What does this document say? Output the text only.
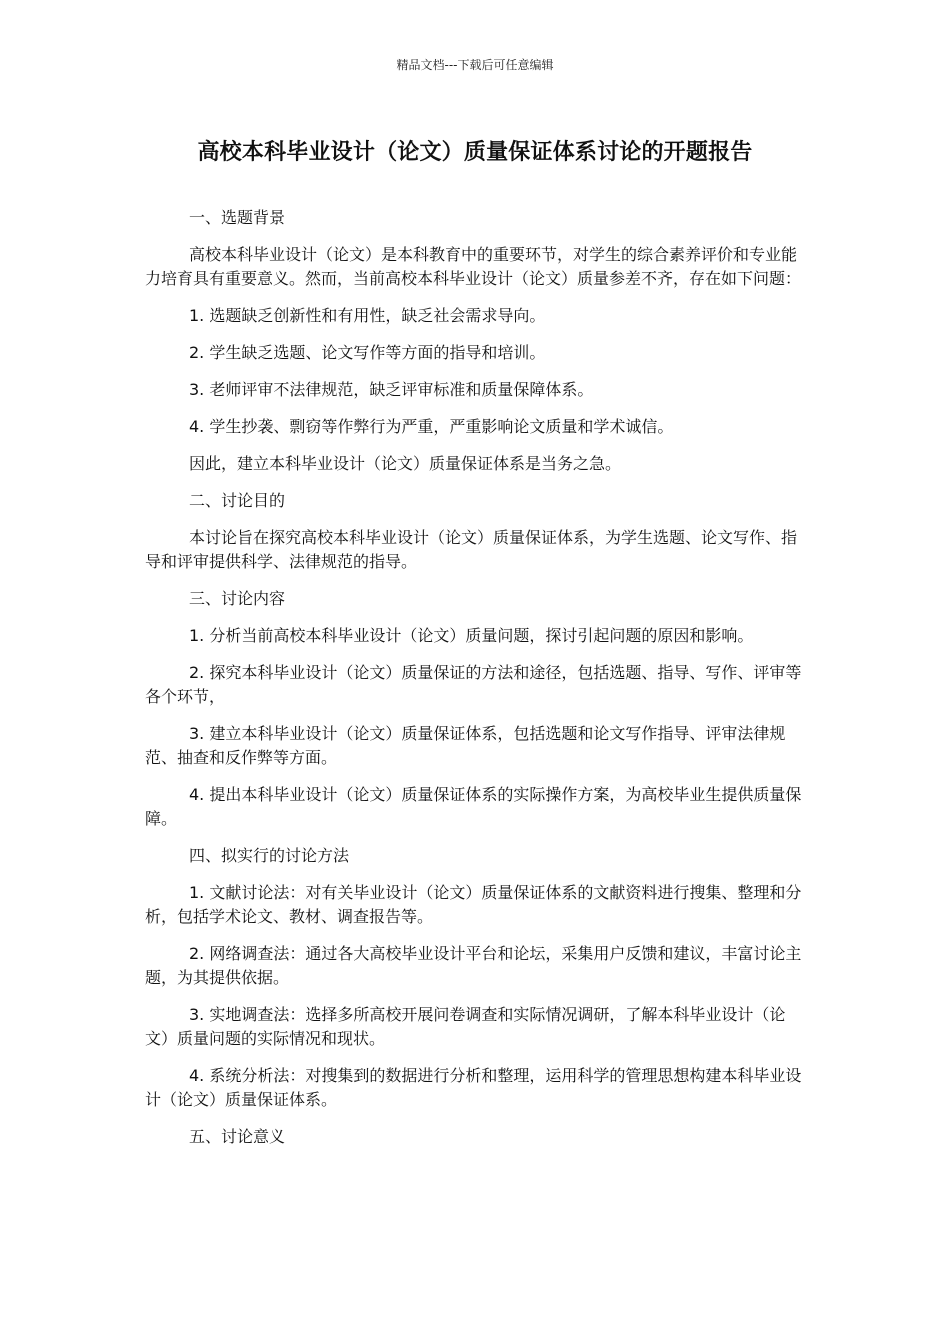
精品文档---下载后可任意编辑
高校本科毕业设计（论文）质量保证体系讨论的开题报告

一、选题背景

高校本科毕业设计（论文）是本科教育中的重要环节，对学生的综合素养评价和专业能力培育具有重要意义。然而，当前高校本科毕业设计（论文）质量参差不齐，存在如下问题：

1. 选题缺乏创新性和有用性，缺乏社会需求导向。

2. 学生缺乏选题、论文写作等方面的指导和培训。

3. 老师评审不法律规范，缺乏评审标准和质量保障体系。

4. 学生抄袭、剽窃等作弊行为严重，严重影响论文质量和学术诚信。

因此，建立本科毕业设计（论文）质量保证体系是当务之急。

二、讨论目的

本讨论旨在探究高校本科毕业设计（论文）质量保证体系，为学生选题、论文写作、指导和评审提供科学、法律规范的指导。

三、讨论内容

1. 分析当前高校本科毕业设计（论文）质量问题，探讨引起问题的原因和影响。

2. 探究本科毕业设计（论文）质量保证的方法和途径，包括选题、指导、写作、评审等各个环节，

3. 建立本科毕业设计（论文）质量保证体系，包括选题和论文写作指导、评审法律规范、抽查和反作弊等方面。

4. 提出本科毕业设计（论文）质量保证体系的实际操作方案，为高校毕业生提供质量保障。

四、拟实行的讨论方法

1. 文献讨论法：对有关毕业设计（论文）质量保证体系的文献资料进行搜集、整理和分析，包括学术论文、教材、调查报告等。

2. 网络调查法：通过各大高校毕业设计平台和论坛，采集用户反馈和建议，丰富讨论主题，为其提供依据。

3. 实地调查法：选择多所高校开展问卷调查和实际情况调研，了解本科毕业设计（论文）质量问题的实际情况和现状。

4. 系统分析法：对搜集到的数据进行分析和整理，运用科学的管理思想构建本科毕业设计（论文）质量保证体系。

五、讨论意义
